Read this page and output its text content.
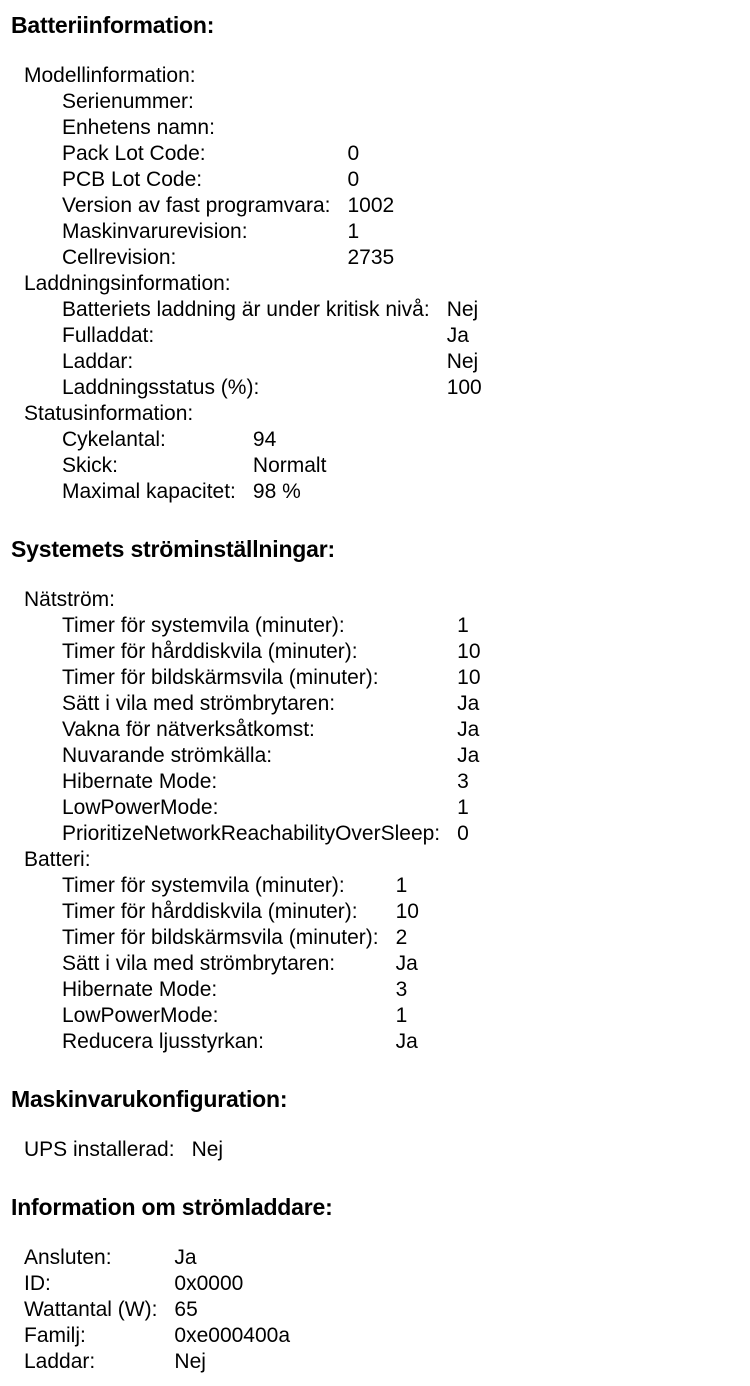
Batteriinformation:
Modellinformation:
Serienummer:	
Enhetens namn:	
Pack Lot Code:	0
PCB Lot Code:	0
Version av fast programvara:	1002
Maskinvarurevision:	1
Cellrevision:	2735
Laddningsinformation:
Batteriets laddning är under kritisk nivå:	Nej
Fulladdat:	Ja
Laddar:	Nej
Laddningsstatus (%):	100
Statusinformation:
Cykelantal:	94
Skick:	Normalt
Maximal kapacitet:	98 %
Systemets ströminställningar:
Nätström:
Timer för systemvila (minuter):	1
Timer för hårddiskvila (minuter):	10
Timer för bildskärmsvila (minuter):	10
Sätt i vila med strömbrytaren:	Ja
Vakna för nätverksåtkomst:	Ja
Nuvarande strömkälla:	Ja
Hibernate Mode:	3
LowPowerMode:	1
PrioritizeNetworkReachabilityOverSleep:	0
Batteri:
Timer för systemvila (minuter):	1
Timer för hårddiskvila (minuter):	10
Timer för bildskärmsvila (minuter):	2
Sätt i vila med strömbrytaren:	Ja
Hibernate Mode:	3
LowPowerMode:	1
Reducera ljusstyrkan:	Ja
Maskinvarukonfiguration:
UPS installerad:	Nej
Information om strömladdare:
Ansluten:	Ja
ID:	0x0000
Wattantal (W):	65
Familj:	0xe000400a
Laddar:	Nej
